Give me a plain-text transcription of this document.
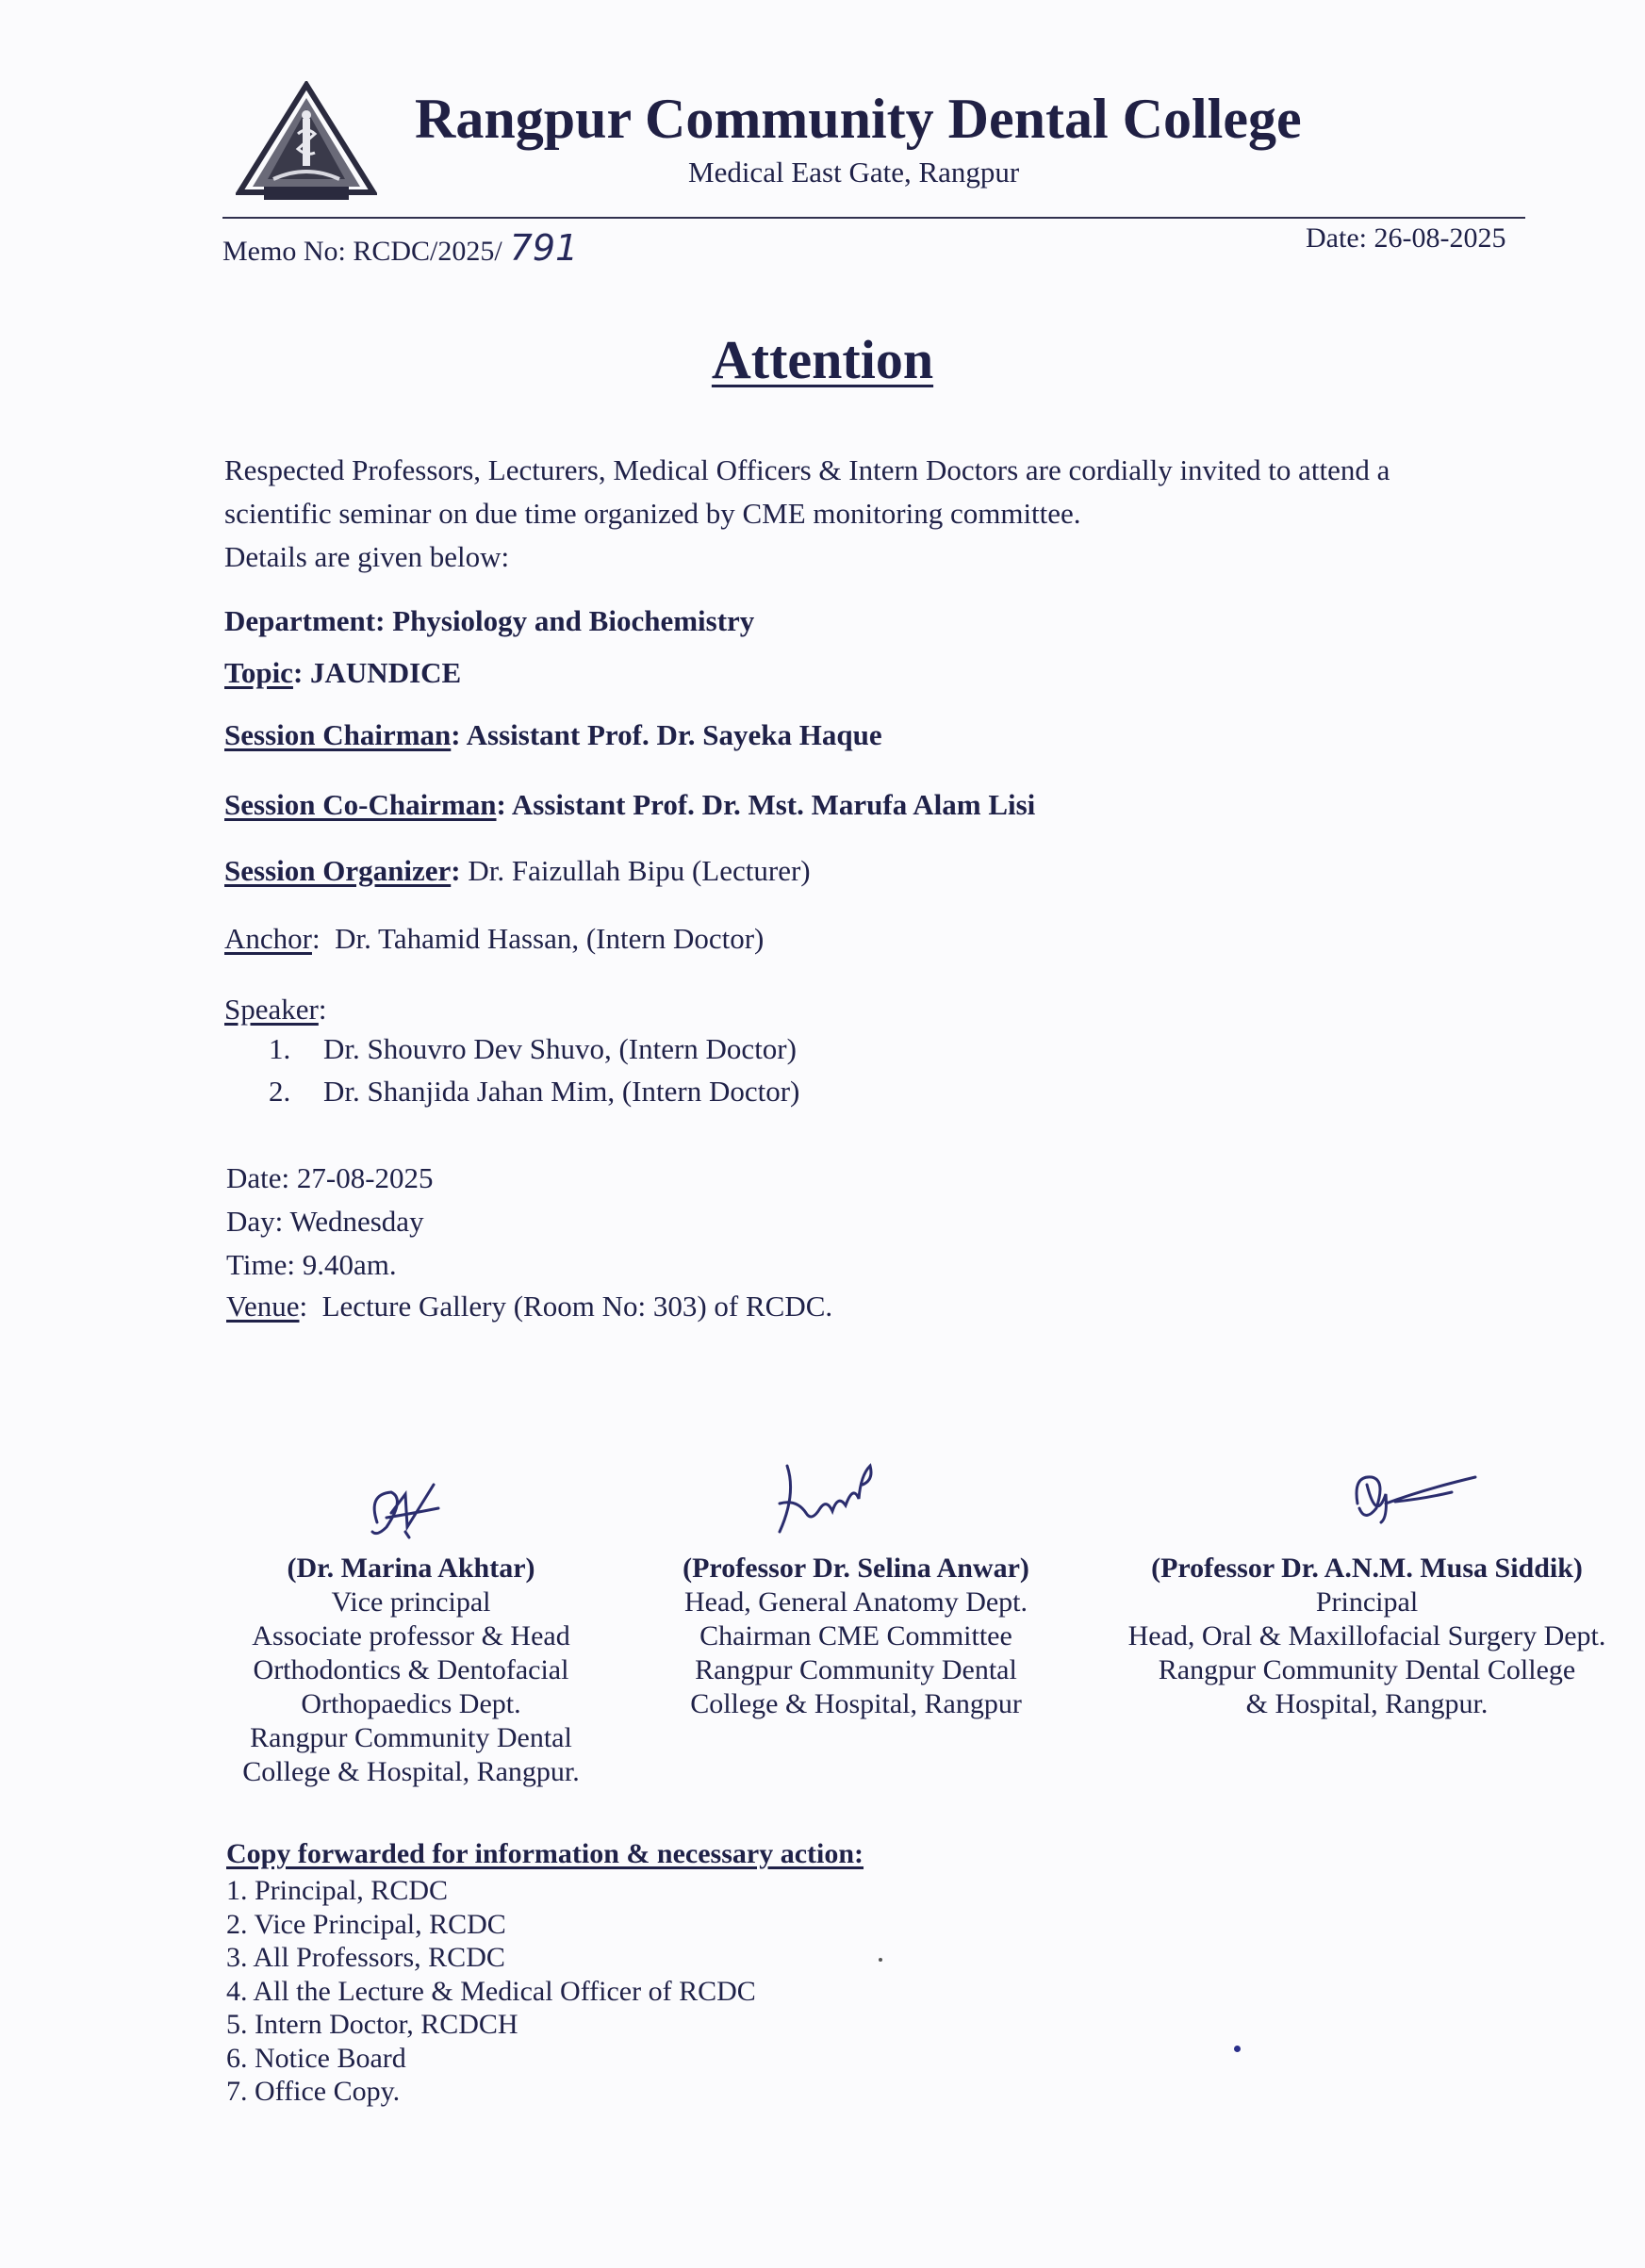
Rangpur Community Dental College
Medical East Gate, Rangpur
Memo No: RCDC/2025/ 791	Date: 26-08-2025
Attention

Respected Professors, Lecturers, Medical Officers & Intern Doctors are cordially invited to attend a

scientific seminar on due time organized by CME monitoring committee.

Details are given below:

Department: Physiology and Biochemistry
Topic: JAUNDICE
Session Chairman: Assistant Prof. Dr. Sayeka Haque
Session Co-Chairman: Assistant Prof. Dr. Mst. Marufa Alam Lisi
Session Organizer: Dr. Faizullah Bipu (Lecturer)
Anchor:  Dr. Tahamid Hassan, (Intern Doctor)
Speaker:
1. Dr. Shouvro Dev Shuvo, (Intern Doctor)
2. Dr. Shanjida Jahan Mim, (Intern Doctor)
Date: 27-08-2025
Day: Wednesday
Time: 9.40am.
Venue:  Lecture Gallery (Room No: 303) of RCDC.
(Dr. Marina Akhtar)
Vice principal
Associate professor & Head
Orthodontics & Dentofacial
Orthopaedics Dept.
Rangpur Community Dental
College & Hospital, Rangpur.
(Professor Dr. Selina Anwar)
Head, General Anatomy Dept.
Chairman CME Committee
Rangpur Community Dental
College & Hospital, Rangpur
(Professor Dr. A.N.M. Musa Siddik)
Principal
Head, Oral & Maxillofacial Surgery Dept.
Rangpur Community Dental College
& Hospital, Rangpur.
Copy forwarded for information & necessary action:
1. Principal, RCDC
2. Vice Principal, RCDC
3. All Professors, RCDC
4. All the Lecture & Medical Officer of RCDC
5. Intern Doctor, RCDCH
6. Notice Board
7. Office Copy.
